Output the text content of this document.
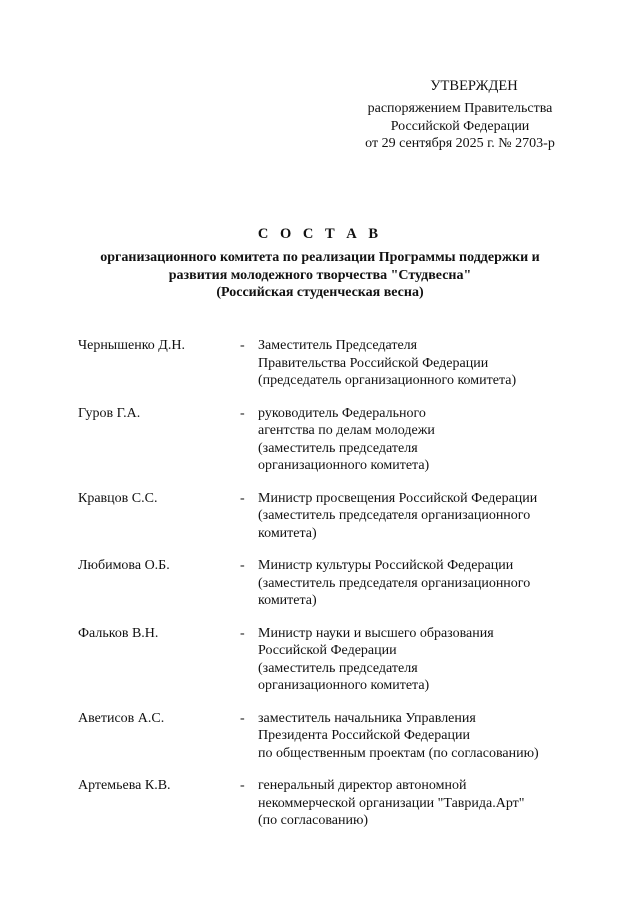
УТВЕРЖДЕН
распоряжением Правительства
Российской Федерации
от 29 сентября 2025 г. № 2703-р
С О С Т А В
организационного комитета по реализации Программы поддержки и
развития молодежного творчества "Студвесна"
(Российская студенческая весна)
Чернышенко Д.Н.	- Заместитель Председателя
Правительства Российской Федерации
(председатель организационного комитета)
Гуров Г.А.	- руководитель Федерального
агентства по делам молодежи
(заместитель председателя
организационного комитета)
Кравцов С.С.	- Министр просвещения Российской Федерации
(заместитель председателя организационного
комитета)
Любимова О.Б.	- Министр культуры Российской Федерации
(заместитель председателя организационного
комитета)
Фальков В.Н.	- Министр науки и высшего образования
Российской Федерации
(заместитель председателя
организационного комитета)
Аветисов А.С.	- заместитель начальника Управления
Президента Российской Федерации
по общественным проектам (по согласованию)
Артемьева К.В.	- генеральный директор автономной
некоммерческой организации "Таврида.Арт"
(по согласованию)
